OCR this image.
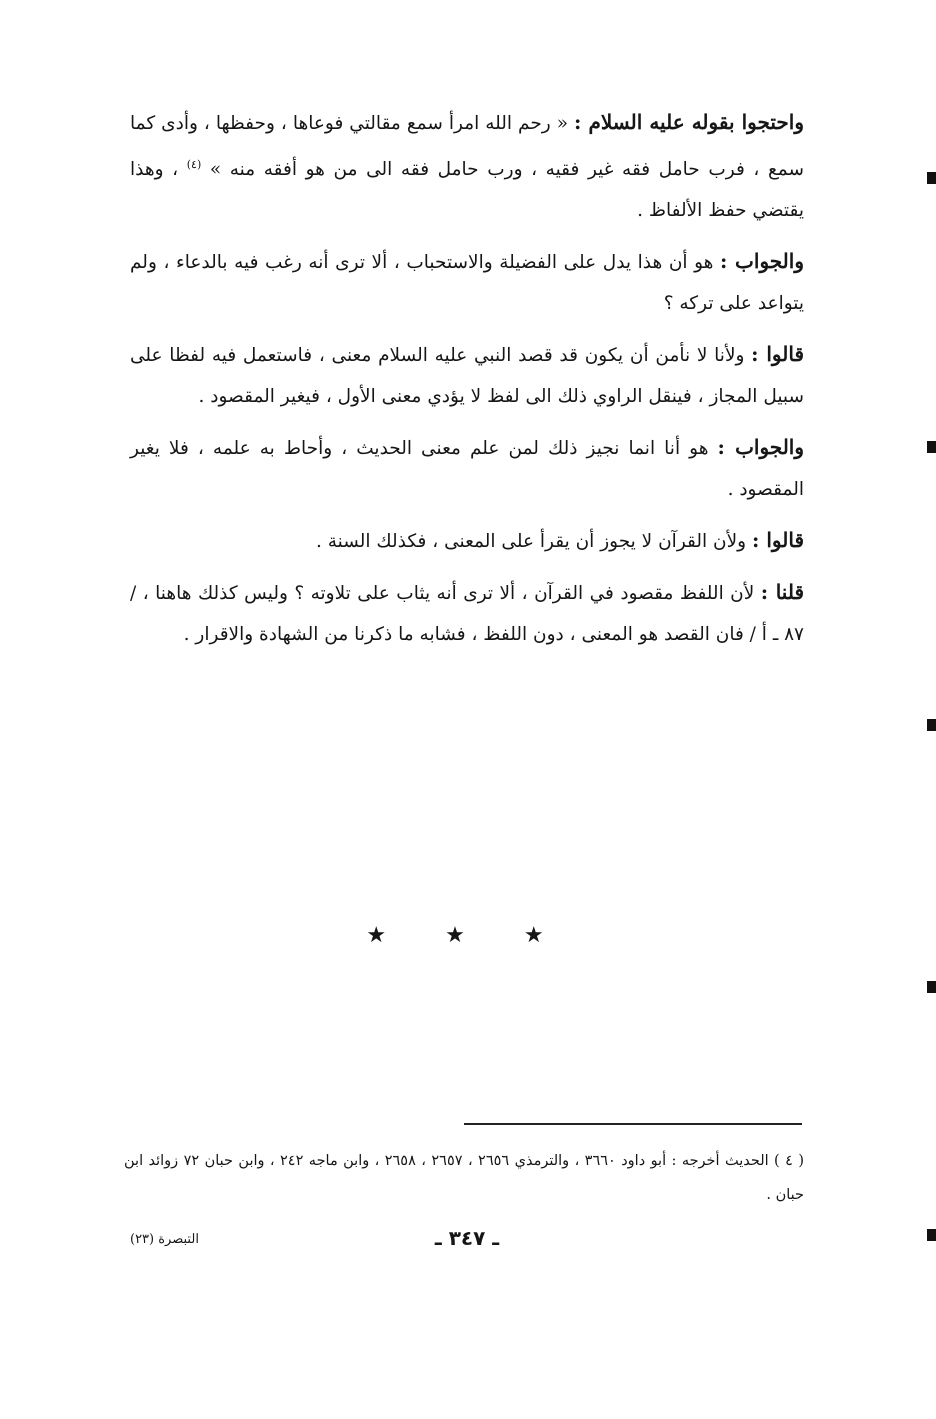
واحتجوا بقوله عليه السلام : « رحم الله امرأ سمع مقالتي فوعاها ، وحفظها ، وأدى كما سمع ، فرب حامل فقه غير فقيه ، ورب حامل فقه الى من هو أفقه منه » $^{(٤)}$ ، وهذا يقتضي حفظ الألفاظ .

والجواب : هو أن هذا يدل على الفضيلة والاستحباب ، ألا ترى أنه رغب فيه بالدعاء ، ولم يتواعد على تركه ؟

قالوا : ولأنا لا نأمن أن يكون قد قصد النبي عليه السلام معنى ، فاستعمل فيه لفظا على سبيل المجاز ، فينقل الراوي ذلك الى لفظ لا يؤدي معنى الأول ، فيغير المقصود .

والجواب : هو أنا انما نجيز ذلك لمن علم معنى الحديث ، وأحاط به علمه ، فلا يغير المقصود .

قالوا : ولأن القرآن لا يجوز أن يقرأ على المعنى ، فكذلك السنة .

قلنا : لأن اللفظ مقصود في القرآن ، ألا ترى أنه يثاب على تلاوته ؟ وليس كذلك هاهنا ، / ٨٧ ـ أ / فان القصد هو المعنى ، دون اللفظ ، فشابه ما ذكرنا من الشهادة والاقرار .

★ ★ ★
( ٤ ) الحديث أخرجه : أبو داود ٣٦٦٠ ، والترمذي ٢٦٥٦ ، ٢٦٥٧ ، ٢٦٥٨ ، وابن ماجه ٢٤٢ ، وابن حبان ٧٢ زوائد ابن حبان .
ـ ٣٤٧ ـ
التبصرة (٢٣)
